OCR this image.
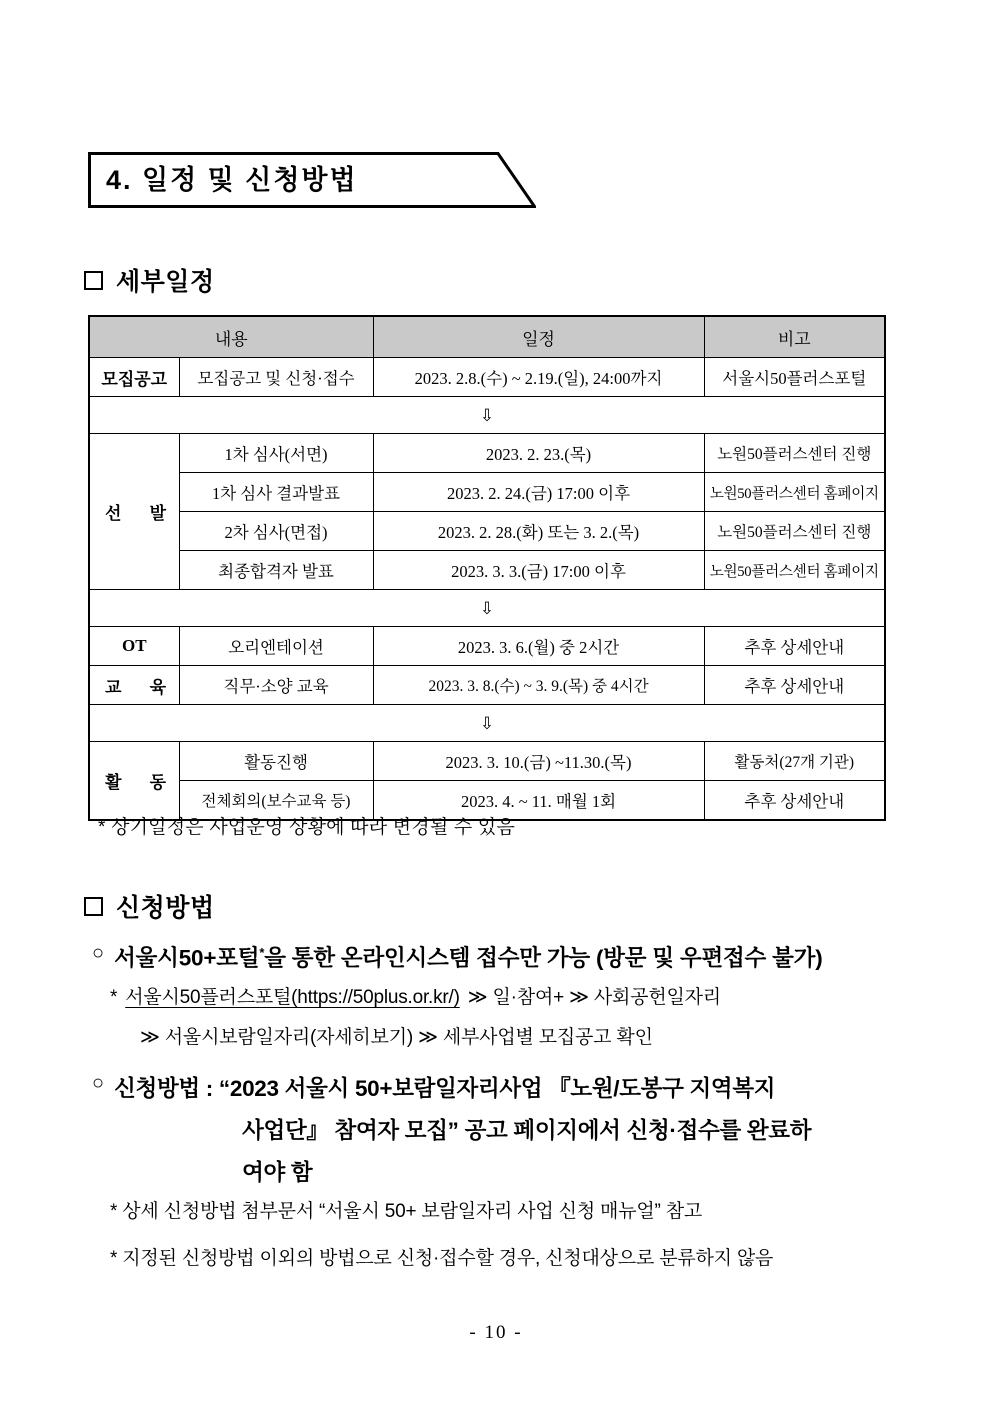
4. 일정 및 신청방법
세부일정
내용		일정	비고
모집공고	모집공고 및 신청·접수	2023. 2.8.(수) ~ 2.19.(일), 24:00까지	서울시50플러스포털
⇩			
선 발	1차 심사(서면)	2023. 2. 23.(목)	노원50플러스센터 진행
	1차 심사 결과발표	2023. 2. 24.(금) 17:00 이후	노원50플러스센터 홈페이지
	2차 심사(면접)	2023. 2. 28.(화) 또는 3. 2.(목)	노원50플러스센터 진행
	최종합격자 발표	2023. 3. 3.(금) 17:00 이후	노원50플러스센터 홈페이지
⇩			
OT	오리엔테이션	2023. 3. 6.(월) 중 2시간	추후 상세안내
교 육	직무·소양 교육	2023. 3. 8.(수) ~ 3. 9.(목) 중 4시간	추후 상세안내
⇩			
활 동	활동진행	2023. 3. 10.(금) ~11.30.(목)	활동처(27개 기관)
	전체회의(보수교육 등)	2023. 4. ~ 11. 매월 1회	추후 상세안내
* 상기일정은 사업운영 상황에 따라 변경될 수 있음
신청방법
○ 서울시50+포털*을 통한 온라인시스템 접수만 가능 (방문 및 우편접수 불가)
* 서울시50플러스포털(https://50plus.or.kr/) ≫ 일·참여+ ≫ 사회공헌일자리
≫ 서울시보람일자리(자세히보기) ≫ 세부사업별 모집공고 확인
○ 신청방법 : “2023 서울시 50+보람일자리사업 『노원/도봉구 지역복지
사업단』 참여자 모집” 공고 페이지에서 신청·접수를 완료하
여야 함
* 상세 신청방법 첨부문서 “서울시 50+ 보람일자리 사업 신청 매뉴얼” 참고
* 지정된 신청방법 이외의 방법으로 신청·접수할 경우, 신청대상으로 분류하지 않음
- 10 -
